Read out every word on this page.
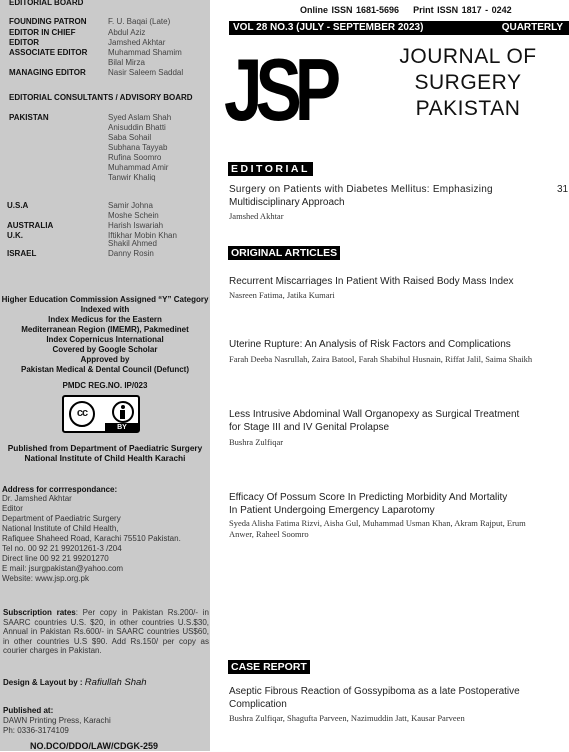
EDITORIAL BOARD
FOUNDING PATRON	F. U. Baqai (Late)
EDITOR IN CHIEF	Abdul Aziz
EDITOR	Jamshed Akhtar
ASSOCIATE EDITOR	Muhammad Shamim
Bilal Mirza
MANAGING EDITOR	Nasir Saleem Saddal
EDITORIAL CONSULTANTS / ADVISORY BOARD
PAKISTAN	Syed Aslam Shah
Anisuddin Bhatti
Saba Sohail
Subhana Tayyab
Rufina Soomro
Muhammad Amir
Tanwir Khaliq
U.S.A	Samir Johna
Moshe Schein
AUSTRALIA	Harish Iswariah
U.K.	Iftikhar Mobin Khan
Shakil Ahmed
ISRAEL	Danny Rosin
Higher Education Commission Assigned “Y” Category
Indexed with
Index Medicus for the Eastern
Mediterranean Region (IMEMR), Pakmedinet
Index Copernicus International
Covered by Google Scholar
Approved by
Pakistan Medical & Dental Council (Defunct)
PMDC REG.NO. IP/023
cc
BY
Published from Department of Paediatric Surgery
National Institute of Child Health Karachi
Address for corrrespondance:
Dr. Jamshed Akhtar
Editor
Department of Paediatric Surgery
National Institute of Child Health,
Rafiquee Shaheed Road, Karachi 75510 Pakistan.
Tel no. 00 92 21 99201261-3 /204
Direct line 00 92 21 99201270
E mail: jsurgpakistan@yahoo.com
Website: www.jsp.org.pk
Subscription rates: Per copy in Pakistan Rs.200/- in SAARC countries U.S. $20, in other countries U.S.$30, Annual in Pakistan Rs.600/- in SAARC countries US$60, in other countries U.S $90. Add Rs.150/ per copy as courier charges in Pakistan.
Design & Layout by : Rafiullah Shah
Published at:
DAWN Printing Press, Karachi
Ph: 0336-3174109
NO.DCO/DDO/LAW/CDGK-259
Online ISSN 1681-5696 Print ISSN 1817 - 0242
VOL 28 NO.3 (JULY - SEPTEMBER 2023)	QUARTERLY
JSP	JOURNAL OF
SURGERY
PAKISTAN
EDITORIAL
Surgery on Patients with Diabetes Mellitus: Emphasizing
Multidisciplinary Approach
31
Jamshed Akhtar
ORIGINAL ARTICLES
Recurrent Miscarriages In Patient With Raised Body Mass Index
Nasreen Fatima, Jatika Kumari
Uterine Rupture: An Analysis of Risk Factors and Complications
Farah Deeba Nasrullah, Zaira Batool, Farah Shabihul Husnain, Riffat Jalil, Saima Shaikh
Less Intrusive Abdominal Wall Organopexy as Surgical Treatment
for Stage III and IV Genital Prolapse
Bushra Zulfiqar
Efficacy Of Possum Score In Predicting Morbidity And Mortality
In Patient Undergoing Emergency Laparotomy
Syeda Alisha Fatima Rizvi, Aisha Gul, Muhammad Usman Khan, Akram Rajput, Erum Anwer, Raheel Soomro
CASE REPORT
Aseptic Fibrous Reaction of Gossypiboma as a late Postoperative
Complication
Bushra Zulfiqar, Shagufta Parveen, Nazimuddin Jatt, Kausar Parveen
